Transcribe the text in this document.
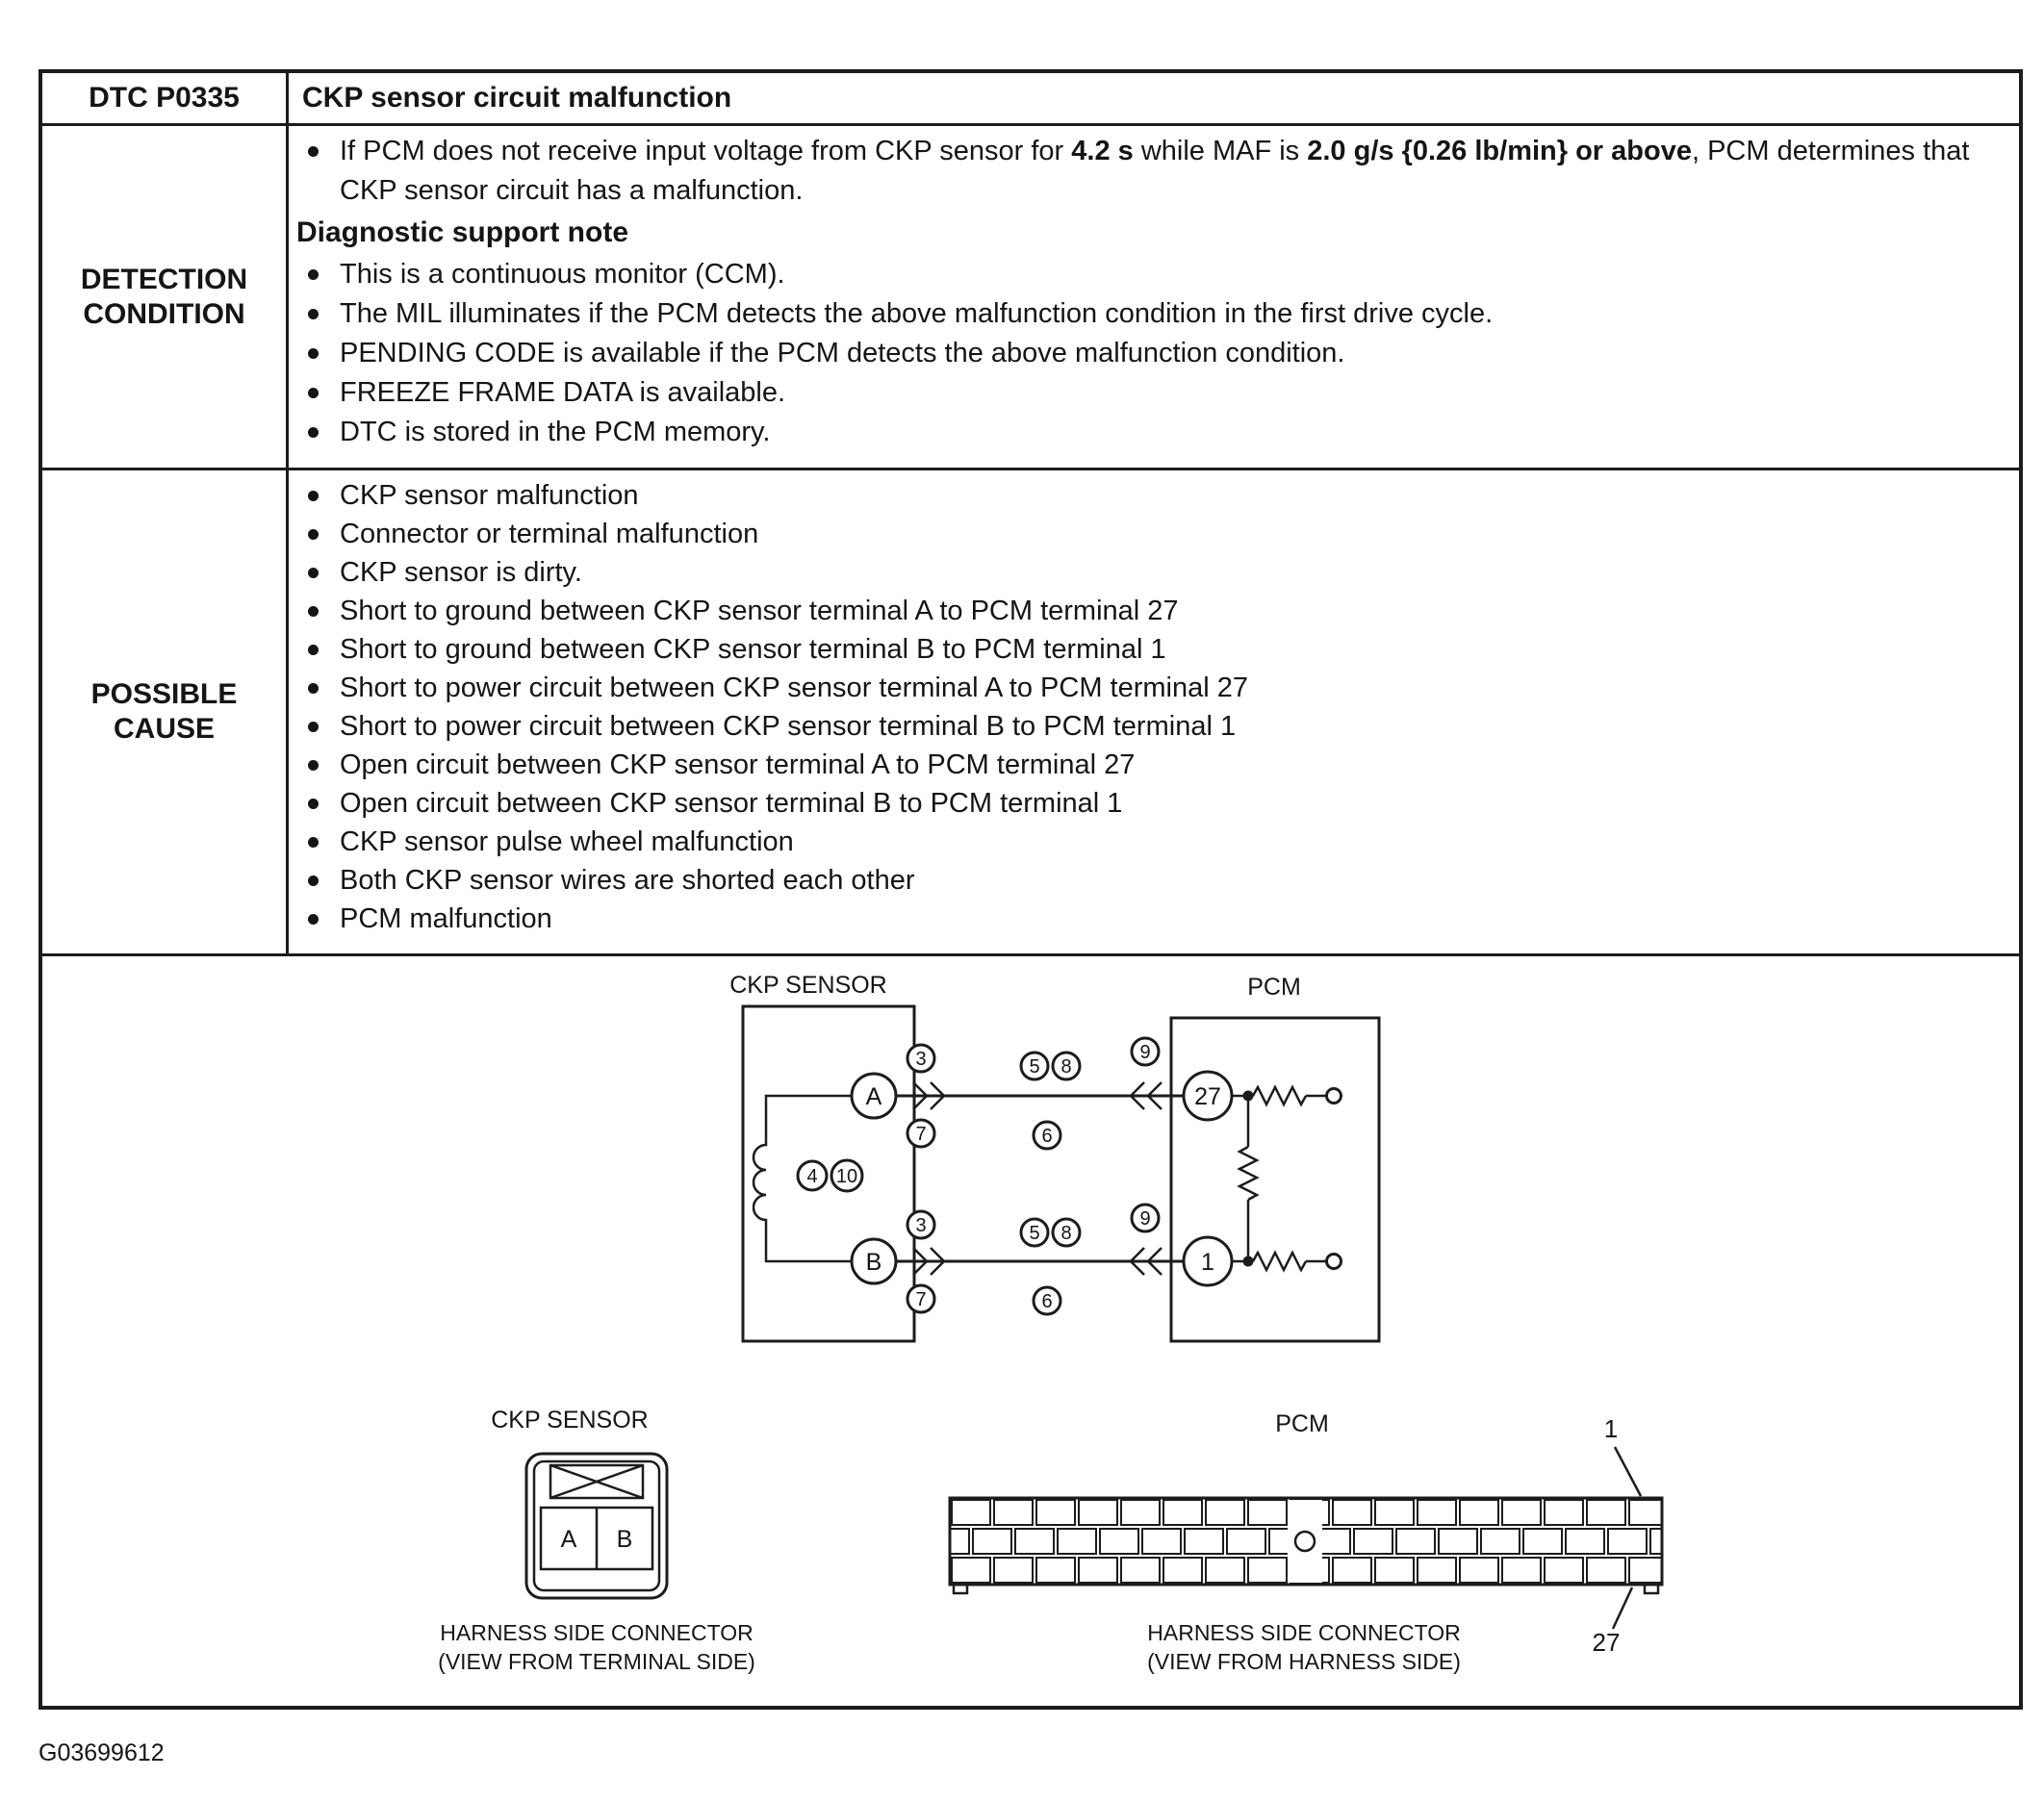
DTC P0335	CKP sensor circuit malfunction
DETECTION CONDITION
If PCM does not receive input voltage from CKP sensor for 4.2 s while MAF is 2.0 g/s {0.26 lb/min} or above, PCM determines that CKP sensor circuit has a malfunction.
Diagnostic support note
This is a continuous monitor (CCM).
The MIL illuminates if the PCM detects the above malfunction condition in the first drive cycle.
PENDING CODE is available if the PCM detects the above malfunction condition.
FREEZE FRAME DATA is available.
DTC is stored in the PCM memory.
POSSIBLE CAUSE
CKP sensor malfunction
Connector or terminal malfunction
CKP sensor is dirty.
Short to ground between CKP sensor terminal A to PCM terminal 27
Short to ground between CKP sensor terminal B to PCM terminal 1
Short to power circuit between CKP sensor terminal A to PCM terminal 27
Short to power circuit between CKP sensor terminal B to PCM terminal 1
Open circuit between CKP sensor terminal A to PCM terminal 27
Open circuit between CKP sensor terminal B to PCM terminal 1
CKP sensor pulse wheel malfunction
Both CKP sensor wires are shorted each other
PCM malfunction
CKP SENSOR	PCM
4 10
A
B
3
7
5 8
6
9
3
7
5 8
6
9
27
1
CKP SENSOR
A B
HARNESS SIDE CONNECTOR
(VIEW FROM TERMINAL SIDE)
PCM	1
27
HARNESS SIDE CONNECTOR
(VIEW FROM HARNESS SIDE)
G03699612
